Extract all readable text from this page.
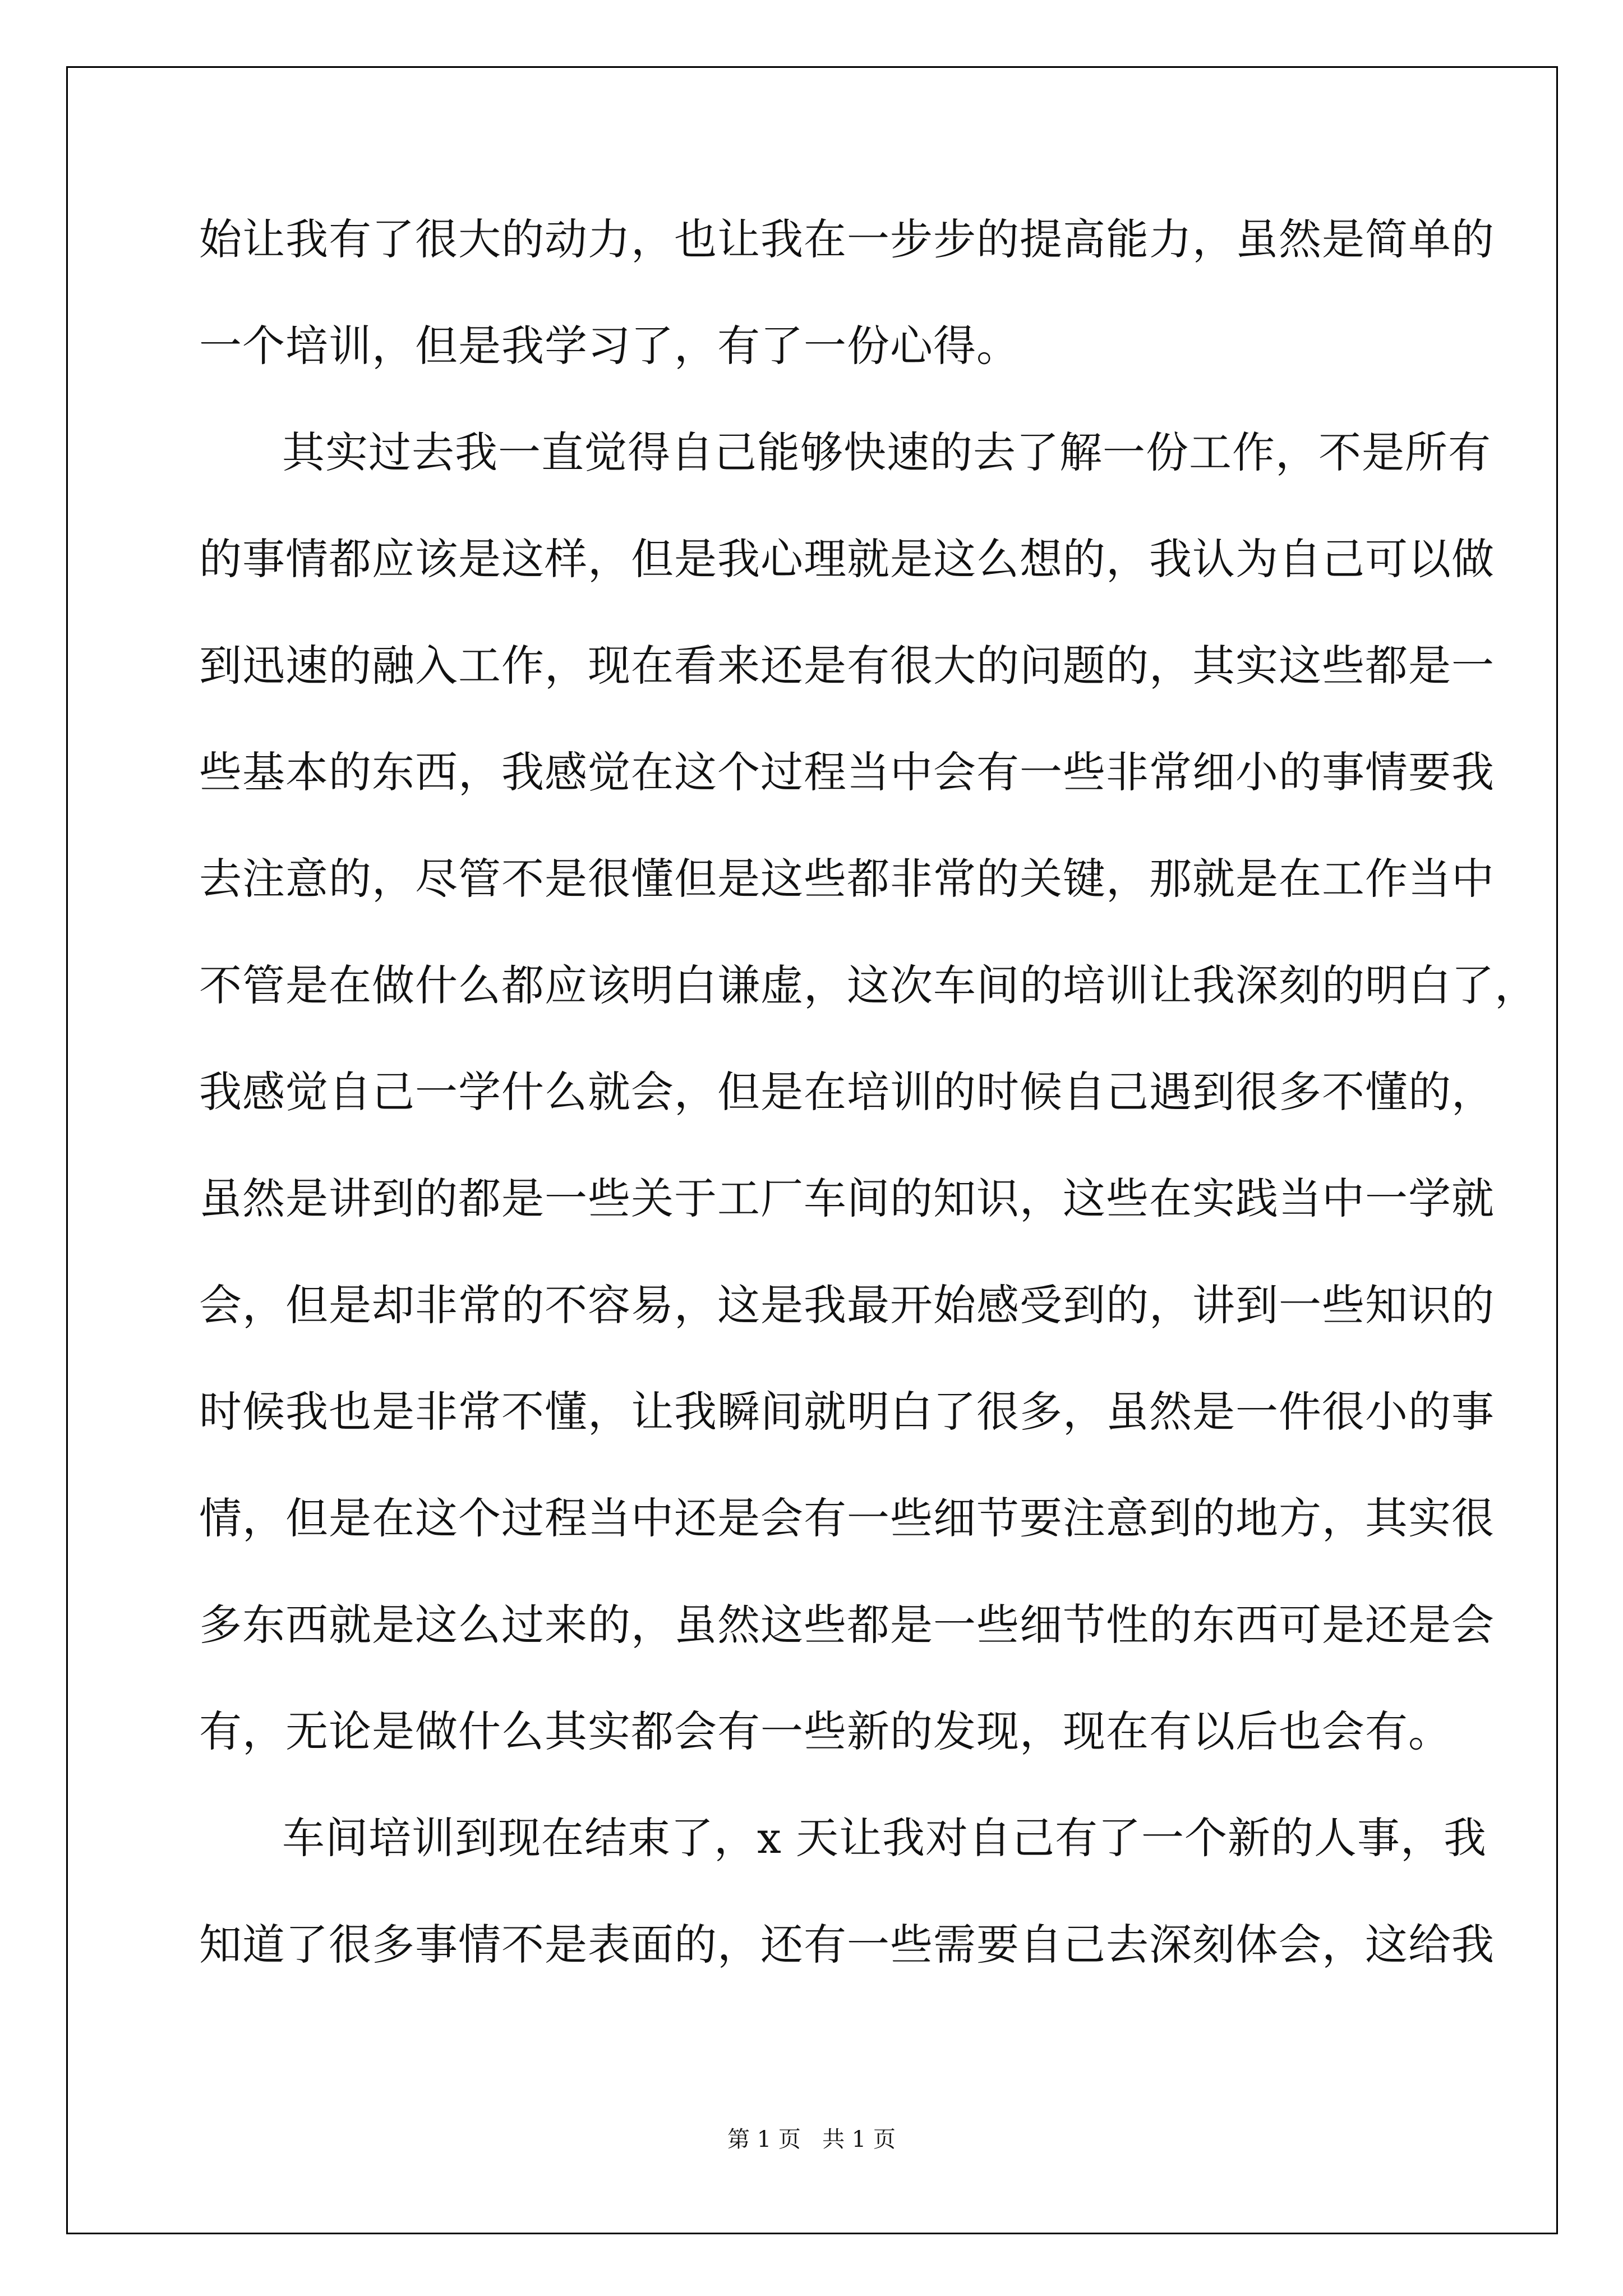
始让我有了很大的动力，也让我在一步步的提高能力，虽然是简单的
一个培训，但是我学习了，有了一份心得。
其实过去我一直觉得自己能够快速的去了解一份工作，不是所有
的事情都应该是这样，但是我心理就是这么想的，我认为自己可以做
到迅速的融入工作，现在看来还是有很大的问题的，其实这些都是一
些基本的东西，我感觉在这个过程当中会有一些非常细小的事情要我
去注意的，尽管不是很懂但是这些都非常的关键，那就是在工作当中
不管是在做什么都应该明白谦虚，这次车间的培训让我深刻的明白了，
我感觉自己一学什么就会，但是在培训的时候自己遇到很多不懂的，
虽然是讲到的都是一些关于工厂车间的知识，这些在实践当中一学就
会，但是却非常的不容易，这是我最开始感受到的，讲到一些知识的
时候我也是非常不懂，让我瞬间就明白了很多，虽然是一件很小的事
情，但是在这个过程当中还是会有一些细节要注意到的地方，其实很
多东西就是这么过来的，虽然这些都是一些细节性的东西可是还是会
有，无论是做什么其实都会有一些新的发现，现在有以后也会有。
车间培训到现在结束了，x 天让我对自己有了一个新的人事，我
知道了很多事情不是表面的，还有一些需要自己去深刻体会，这给我
第 1 页   共 1 页
